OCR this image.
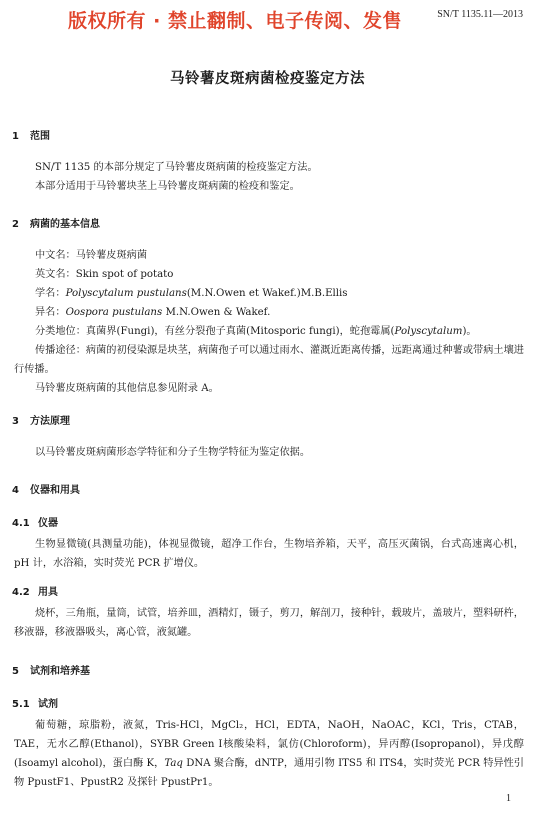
版权所有 · 禁止翻制、电子传阅、发售	SN/T 1135.11—2013
马铃薯皮斑病菌检疫鉴定方法
1 范围

SN/T 1135 的本部分规定了马铃薯皮斑病菌的检疫鉴定方法。

本部分适用于马铃薯块茎上马铃薯皮斑病菌的检疫和鉴定。

2 病菌的基本信息

中文名：马铃薯皮斑病菌

英文名：Skin spot of potato

学名：Polyscytalum pustulans(M.N.Owen et Wakef.)M.B.Ellis

异名：Oospora pustulans M.N.Owen & Wakef.

分类地位：真菌界(Fungi)，有丝分裂孢子真菌(Mitosporic fungi)，蛇孢霉属(Polyscytalum)。

传播途径：病菌的初侵染源是块茎，病菌孢子可以通过雨水、灌溉近距离传播，远距离通过种薯或带病土壤进行传播。

马铃薯皮斑病菌的其他信息参见附录 A。

3 方法原理

以马铃薯皮斑病菌形态学特征和分子生物学特征为鉴定依据。

4 仪器和用具
4.1 仪器

生物显微镜(具测量功能)，体视显微镜，超净工作台，生物培养箱，天平，高压灭菌锅，台式高速离心机，pH 计，水浴箱，实时荧光 PCR 扩增仪。

4.2 用具

烧杯，三角瓶，量筒，试管，培养皿，酒精灯，镊子，剪刀，解剖刀，接种针，载玻片，盖玻片，塑料研杵，移液器，移液器吸头，离心管，液氮罐。

5 试剂和培养基
5.1 试剂

葡萄糖，琼脂粉，液氮，Tris-HCl，MgCl₂，HCl，EDTA，NaOH，NaOAC，KCl，Tris，CTAB，TAE，无水乙醇(Ethanol)，SYBR Green Ⅰ核酸染料，氯仿(Chloroform)，异丙醇(Isopropanol)，异戊醇(Isoamyl alcohol)，蛋白酶 K，Taq DNA 聚合酶，dNTP，通用引物 ITS5 和 ITS4，实时荧光 PCR 特异性引物 PpustF1、PpustR2 及探针 PpustPr1。

1
